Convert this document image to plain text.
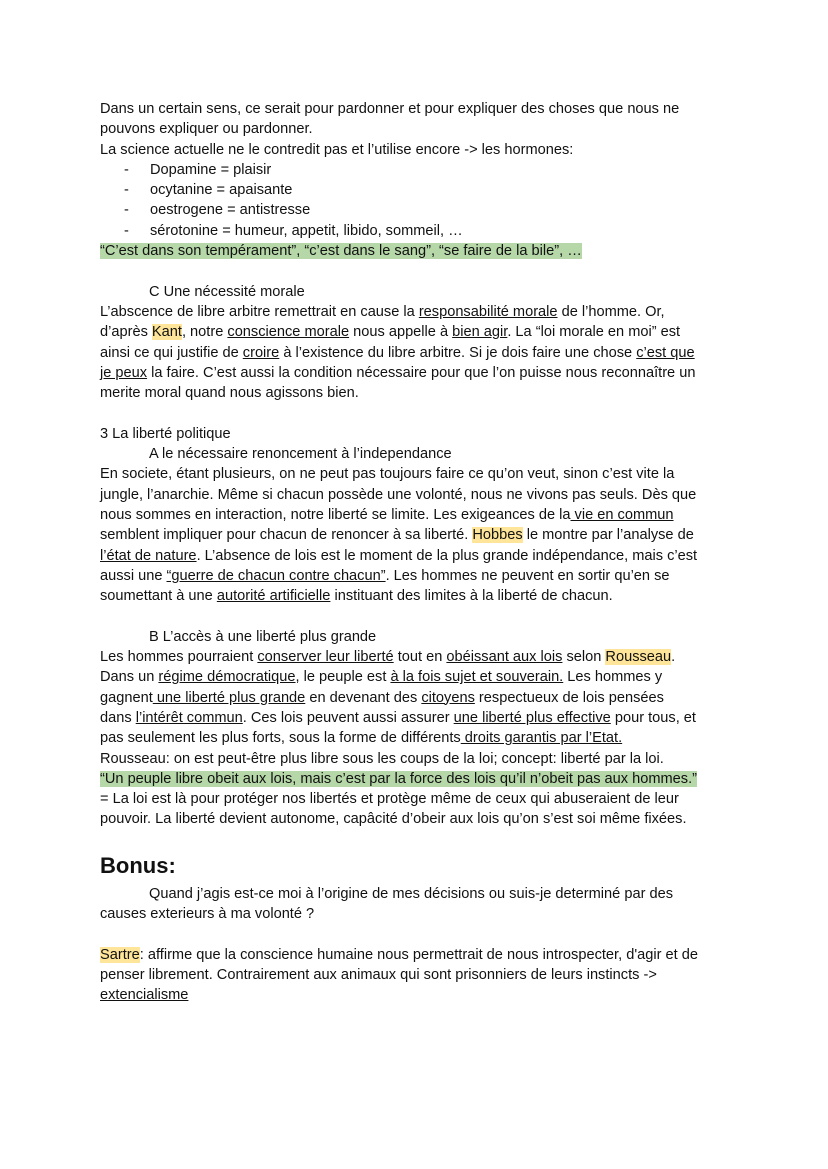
Dans un certain sens, ce serait pour pardonner et pour expliquer des choses que nous ne
pouvons expliquer ou pardonner.
La science actuelle ne le contredit pas et l’utilise encore -> les hormones:
- Dopamine = plaisir
- ocytanine = apaisante
- oestrogene = antistresse
- sérotonine = humeur, appetit, libido, sommeil, …
“C’est dans son tempérament”, “c’est dans le sang”, “se faire de la bile”, …
C Une nécessité morale
L’abscence de libre arbitre remettrait en cause la responsabilité morale de l’homme. Or,
d’après Kant, notre conscience morale nous appelle à bien agir. La “loi morale en moi” est
ainsi ce qui justifie de croire à l’existence du libre arbitre. Si je dois faire une chose c’est que
je peux la faire. C’est aussi la condition nécessaire pour que l’on puisse nous reconnaître un
merite moral quand nous agissons bien.
3 La liberté politique
A le nécessaire renoncement à l’independance
En societe, étant plusieurs, on ne peut pas toujours faire ce qu’on veut, sinon c’est vite la
jungle, l’anarchie. Même si chacun possède une volonté, nous ne vivons pas seuls. Dès que
nous sommes en interaction, notre liberté se limite. Les exigeances de la vie en commun
semblent impliquer pour chacun de renoncer à sa liberté. Hobbes le montre par l’analyse de
l’état de nature. L’absence de lois est le moment de la plus grande indépendance, mais c’est
aussi une “guerre de chacun contre chacun”. Les hommes ne peuvent en sortir qu’en se
soumettant à une autorité artificielle instituant des limites à la liberté de chacun.
B L’accès à une liberté plus grande
Les hommes pourraient conserver leur liberté tout en obéissant aux lois selon Rousseau.
Dans un régime démocratique, le peuple est à la fois sujet et souverain. Les hommes y
gagnent une liberté plus grande en devenant des citoyens respectueux de lois pensées
dans l’intérêt commun. Ces lois peuvent aussi assurer une liberté plus effective pour tous, et
pas seulement les plus forts, sous la forme de différents droits garantis par l’Etat.
Rousseau: on est peut-être plus libre sous les coups de la loi; concept: liberté par la loi.
“Un peuple libre obeit aux lois, mais c’est par la force des lois qu’il n’obeit pas aux hommes.”
= La loi est là pour protéger nos libertés et protège même de ceux qui abuseraient de leur
pouvoir. La liberté devient autonome, capâcité d’obeir aux lois qu’on s’est soi même fixées.
Bonus:
Quand j’agis est-ce moi à l’origine de mes décisions ou suis-je determiné par des
causes exterieurs à ma volonté ?
Sartre: affirme que la conscience humaine nous permettrait de nous introspecter, d'agir et de
penser librement. Contrairement aux animaux qui sont prisonniers de leurs instincts ->
extencialisme
